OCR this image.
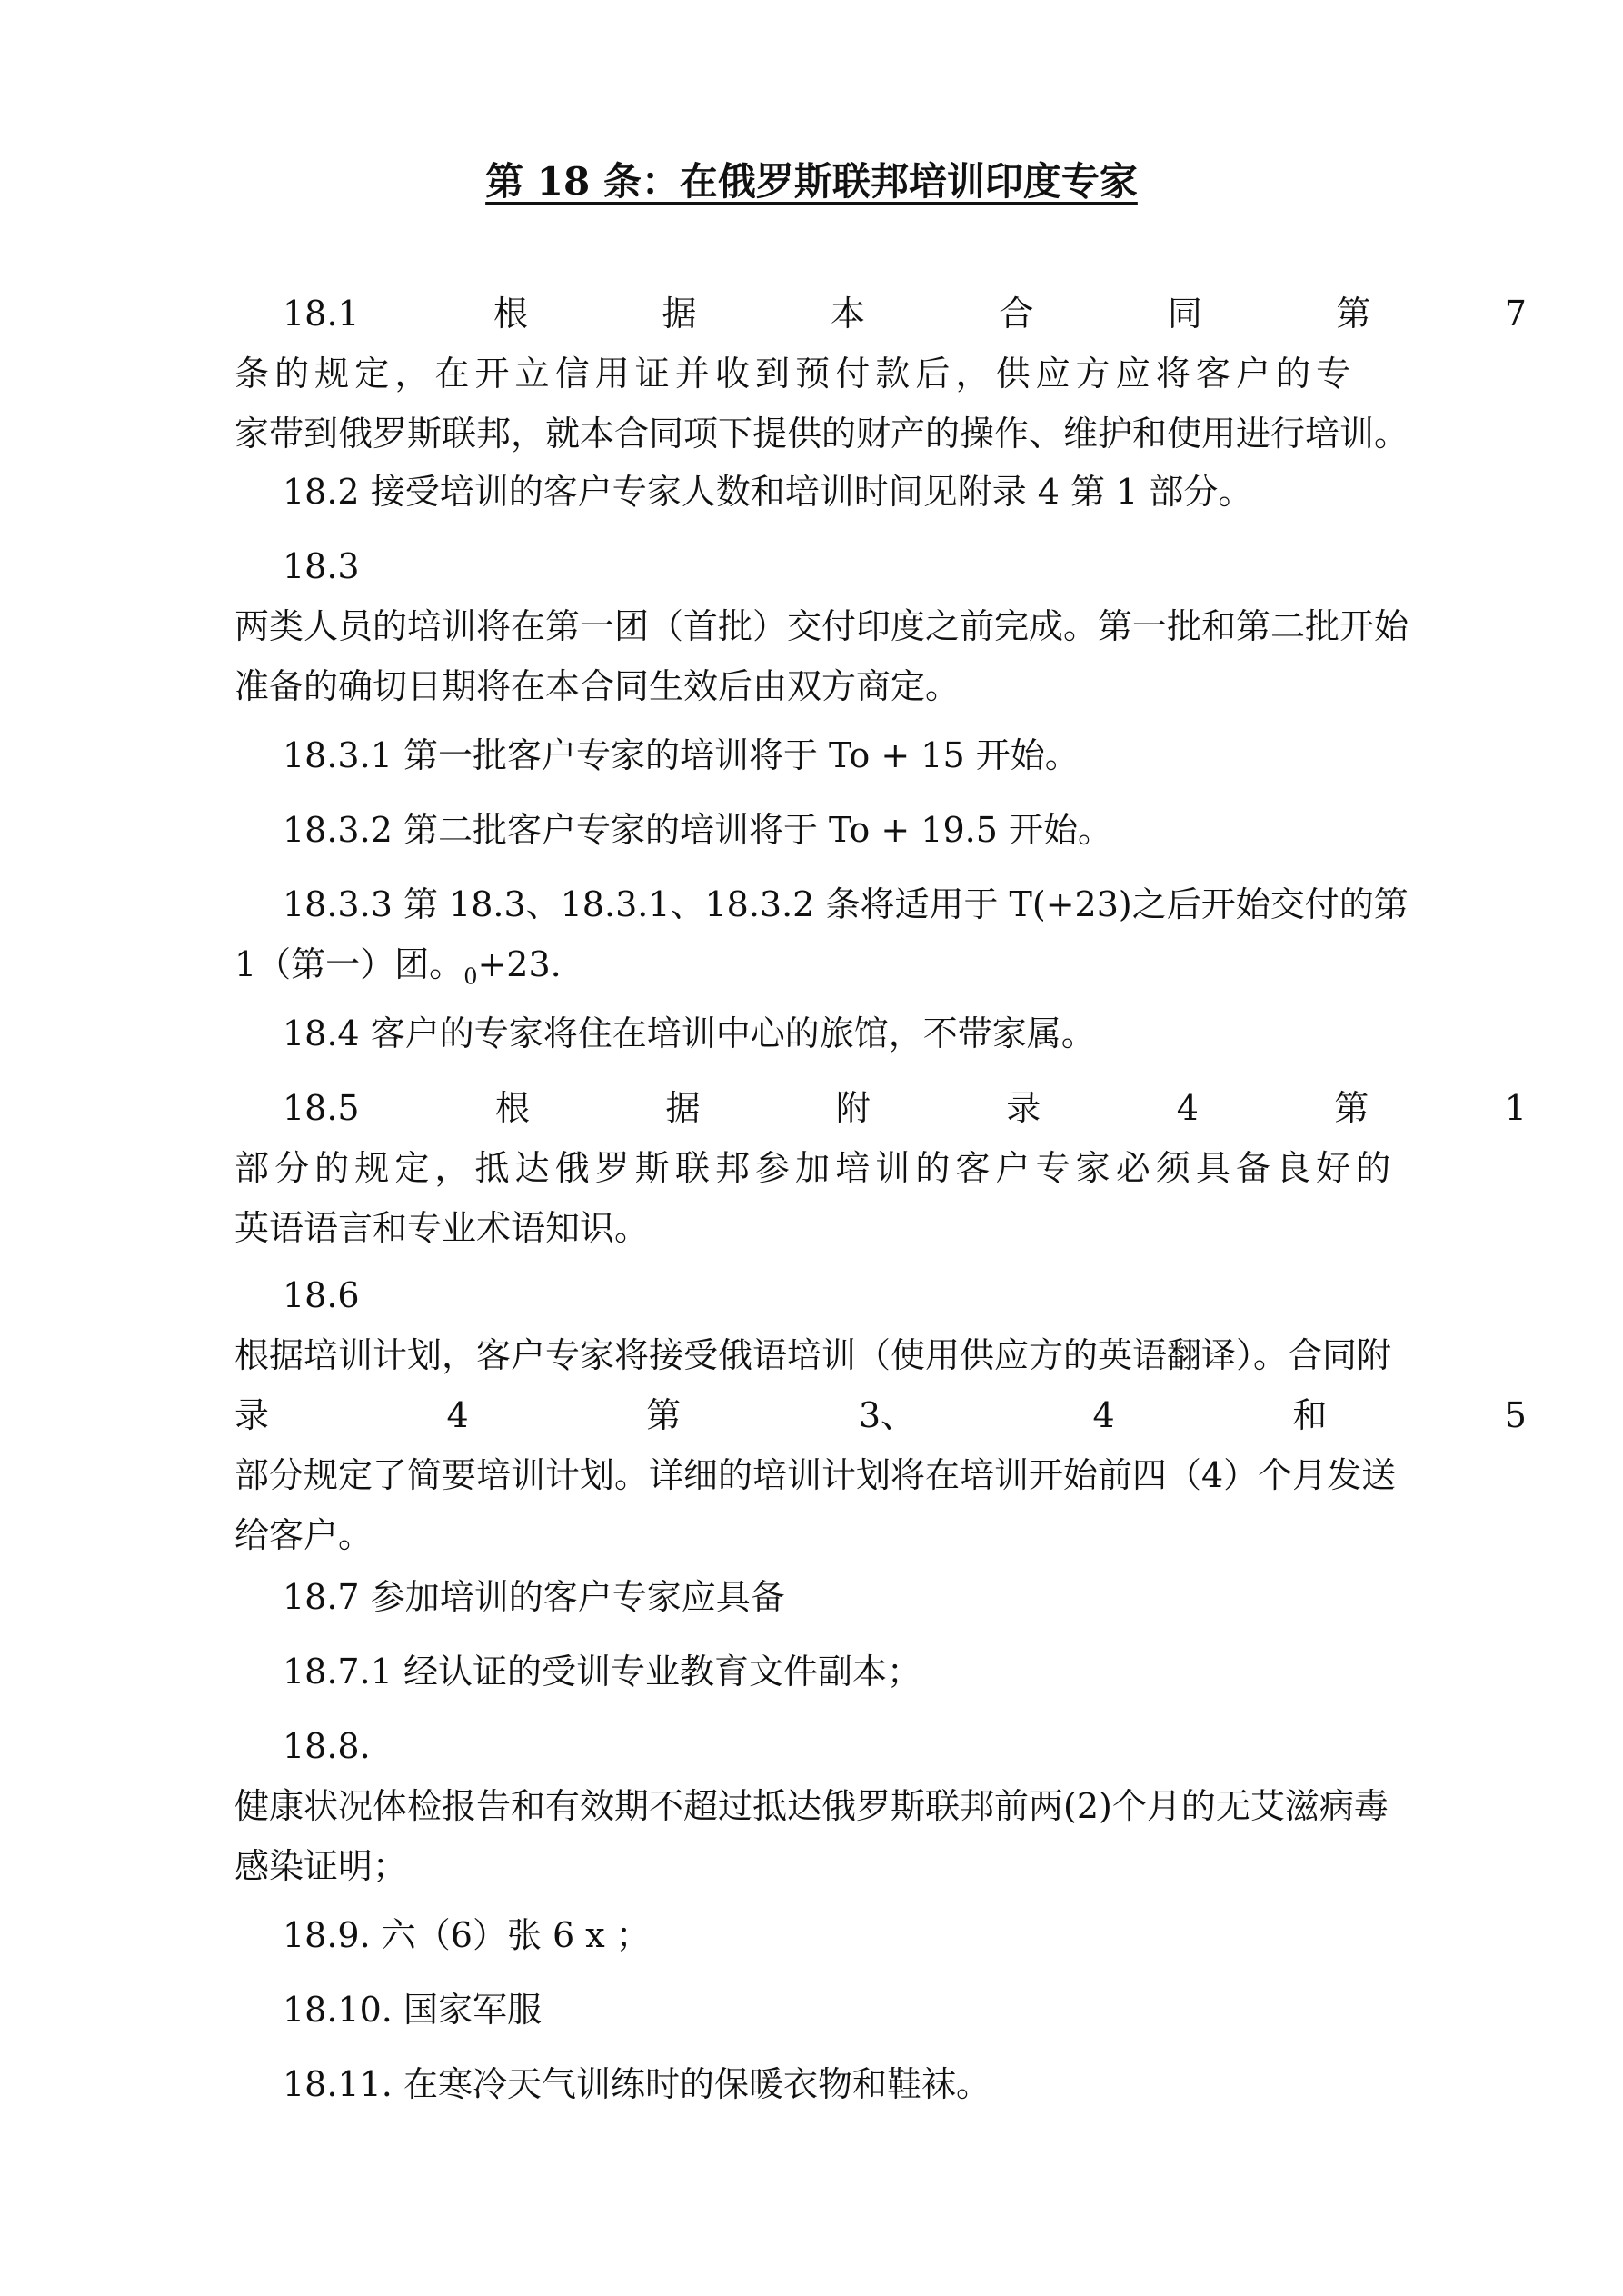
第 18 条：在俄罗斯联邦培训印度专家
18.1	根	据	本	合	同	第	7
条的规定，在开立信用证并收到预付款后，供应方应将客户的专
家带到俄罗斯联邦，就本合同项下提供的财产的操作、维护和使用进行培训。
18.2 接受培训的客户专家人数和培训时间见附录 4 第 1 部分。
18.3
两类人员的培训将在第一团（首批）交付印度之前完成。第一批和第二批开始
准备的确切日期将在本合同生效后由双方商定。
18.3.1 第一批客户专家的培训将于 To + 15 开始。
18.3.2 第二批客户专家的培训将于 To + 19.5 开始。
18.3.3 第 18.3、18.3.1、18.3.2 条将适用于 T(+23)之后开始交付的第
1（第一）团。$_0$+23.
18.4 客户的专家将住在培训中心的旅馆，不带家属。
18.5	根	据	附	录	4	第	1
部分的规定，抵达俄罗斯联邦参加培训的客户专家必须具备良好的
英语语言和专业术语知识。
18.6
根据培训计划，客户专家将接受俄语培训（使用供应方的英语翻译）。合同附
录	4	第	3、	4	和	5
部分规定了简要培训计划。详细的培训计划将在培训开始前四（4）个月发送
给客户。
18.7 参加培训的客户专家应具备
18.7.1 经认证的受训专业教育文件副本；
18.8.
健康状况体检报告和有效期不超过抵达俄罗斯联邦前两(2)个月的无艾滋病毒
感染证明；
18.9. 六（6）张 6 x ；
18.10. 国家军服
18.11. 在寒冷天气训练时的保暖衣物和鞋袜。
